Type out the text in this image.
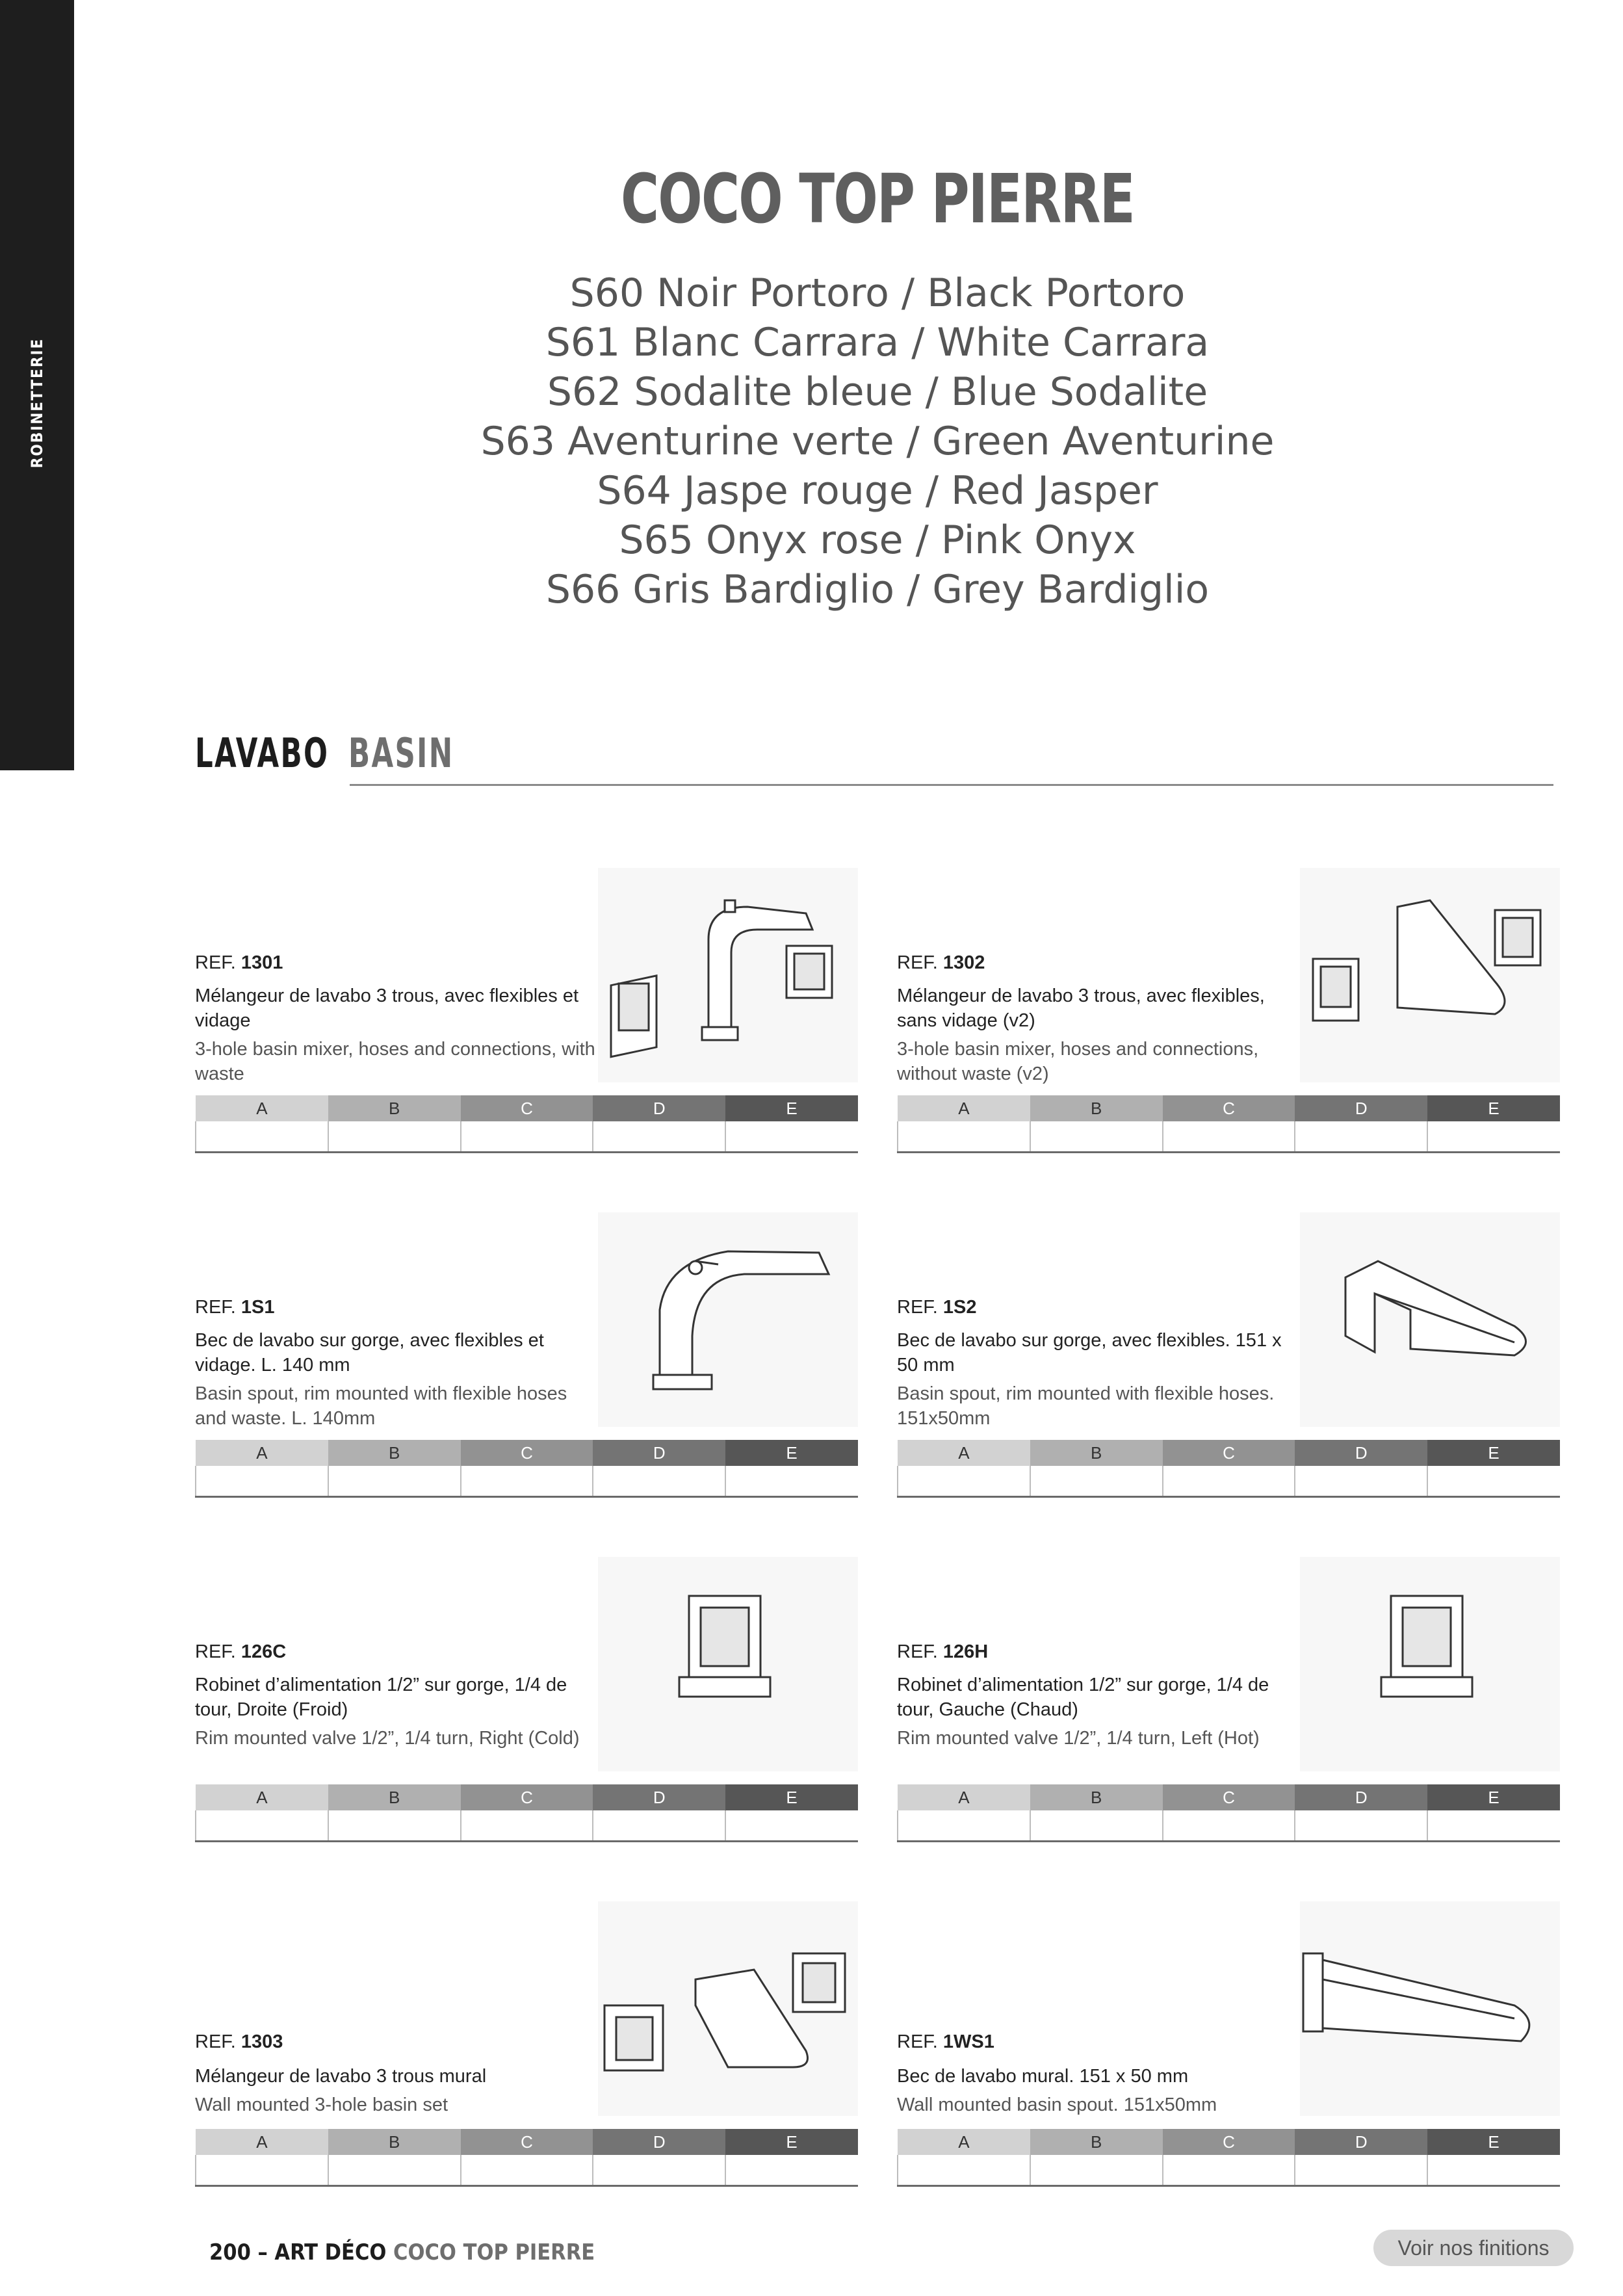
ROBINETTERIE
COCO TOP PIERRE
S60 Noir Portoro / Black Portoro
S61 Blanc Carrara / White Carrara
S62 Sodalite bleue / Blue Sodalite
S63 Aventurine verte / Green Aventurine
S64 Jaspe rouge / Red Jasper
S65 Onyx rose / Pink Onyx
S66 Gris Bardiglio / Grey Bardiglio
LAVABO BASIN
REF. 1301
Mélangeur de lavabo 3 trous, avec flexibles et vidage
3-hole basin mixer, hoses and connections, with waste
A	B	C	D	E

REF. 1302
Mélangeur de lavabo 3 trous, avec flexibles, sans vidage (v2)
3-hole basin mixer, hoses and connections, without waste (v2)
A	B	C	D	E

REF. 1S1
Bec de lavabo sur gorge, avec flexibles et vidage. L. 140 mm
Basin spout, rim mounted with flexible hoses and waste. L. 140mm
A	B	C	D	E

REF. 1S2
Bec de lavabo sur gorge, avec flexibles. 151 x 50 mm
Basin spout, rim mounted with flexible hoses. 151x50mm
A	B	C	D	E

REF. 126C
Robinet d’alimentation 1/2” sur gorge, 1/4 de tour, Droite (Froid)
Rim mounted valve 1/2”, 1/4 turn, Right (Cold)
A	B	C	D	E

REF. 126H
Robinet d’alimentation 1/2” sur gorge, 1/4 de tour, Gauche (Chaud)
Rim mounted valve 1/2”, 1/4 turn, Left (Hot)
A	B	C	D	E

REF. 1303
Mélangeur de lavabo 3 trous mural
Wall mounted 3-hole basin set
A	B	C	D	E

REF. 1WS1
Bec de lavabo mural. 151 x 50 mm
Wall mounted basin spout. 151x50mm
A	B	C	D	E

200 – ART DÉCO COCO TOP PIERRE	Voir nos finitions
